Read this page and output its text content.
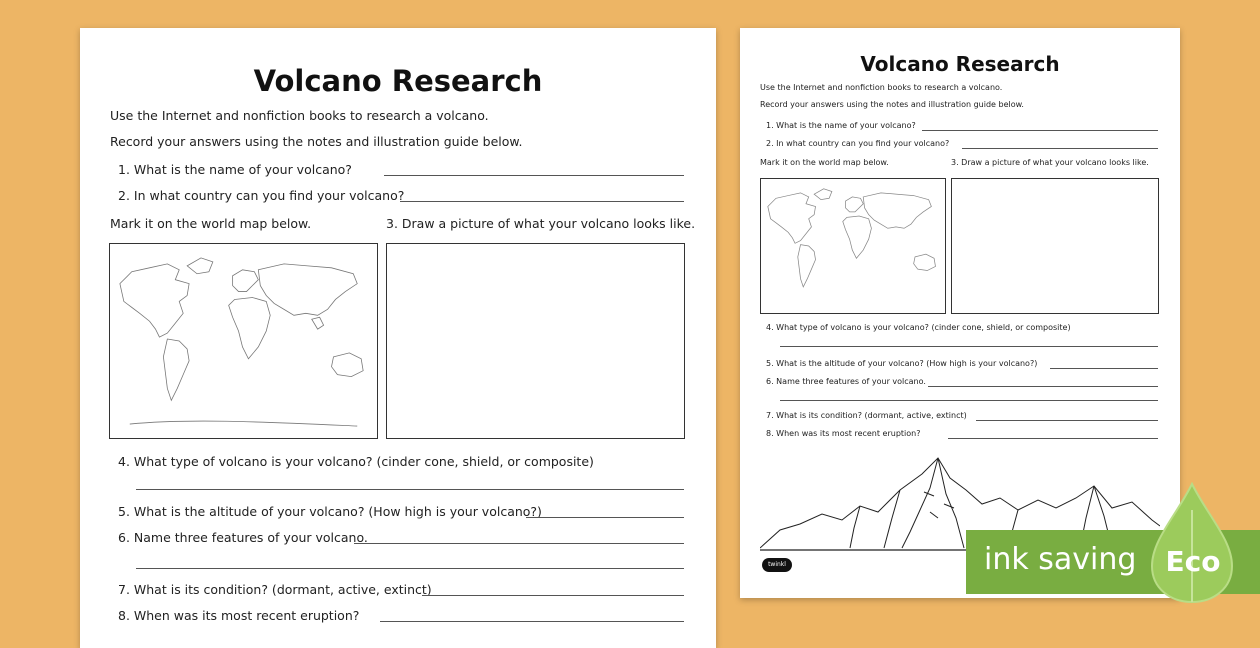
Volcano Research
Use the Internet and nonfiction books to research a volcano.
Record your answers using the notes and illustration guide below.
1. What is the name of your volcano?
2. In what country can you find your volcano?
Mark it on the world map below.	3. Draw a picture of what your volcano looks like.
4. What type of volcano is your volcano? (cinder cone, shield, or composite)
5. What is the altitude of your volcano? (How high is your volcano?)
6. Name three features of your volcano.
7. What is its condition? (dormant, active, extinct)
8. When was its most recent eruption?
Volcano Research
Use the Internet and nonfiction books to research a volcano.
Record your answers using the notes and illustration guide below.
1. What is the name of your volcano?
2. In what country can you find your volcano?
Mark it on the world map below.	3. Draw a picture of what your volcano looks like.
4. What type of volcano is your volcano? (cinder cone, shield, or composite)
5. What is the altitude of your volcano? (How high is your volcano?)
6. Name three features of your volcano.
7. What is its condition? (dormant, active, extinct)
8. When was its most recent eruption?
twinkl	ink saving Eco
